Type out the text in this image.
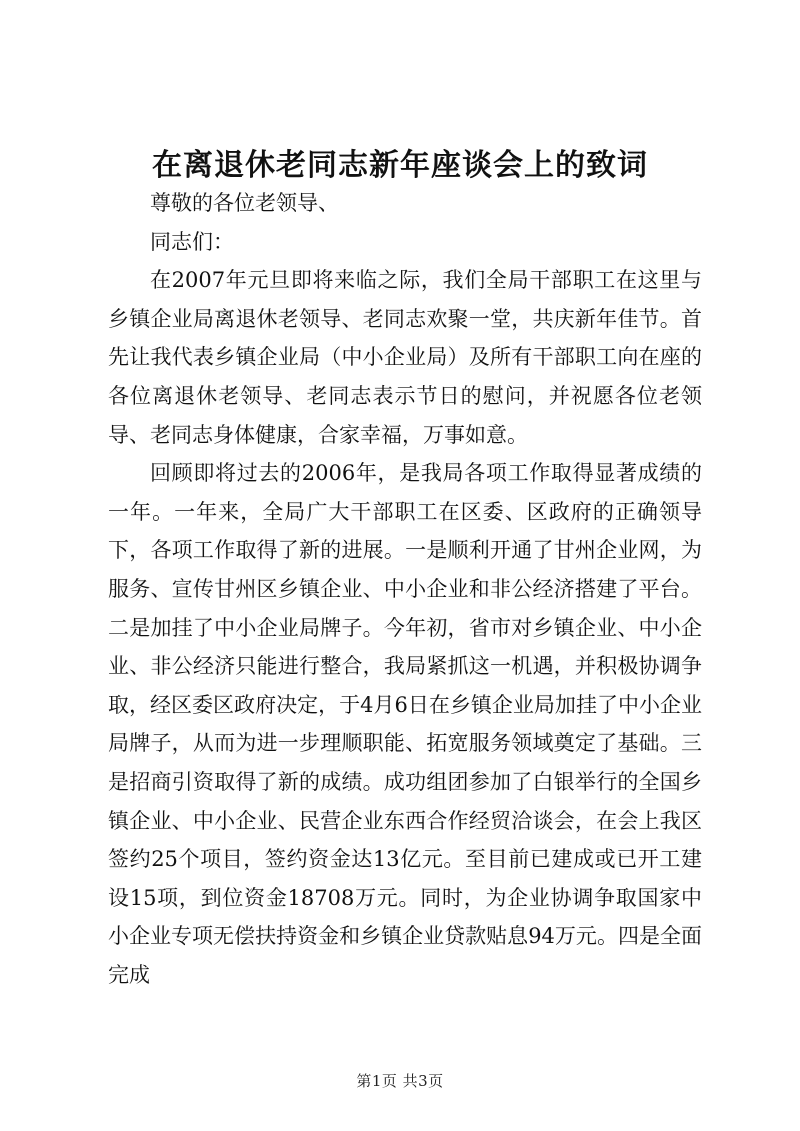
在离退休老同志新年座谈会上的致词

尊敬的各位老领导、

同志们：

在2007年元旦即将来临之际，我们全局干部职工在这里与乡镇企业局离退休老领导、老同志欢聚一堂，共庆新年佳节。首先让我代表乡镇企业局（中小企业局）及所有干部职工向在座的各位离退休老领导、老同志表示节日的慰问，并祝愿各位老领导、老同志身体健康，合家幸福，万事如意。

回顾即将过去的2006年，是我局各项工作取得显著成绩的一年。一年来，全局广大干部职工在区委、区政府的正确领导下，各项工作取得了新的进展。一是顺利开通了甘州企业网，为服务、宣传甘州区乡镇企业、中小企业和非公经济搭建了平台。二是加挂了中小企业局牌子。今年初，省市对乡镇企业、中小企业、非公经济只能进行整合，我局紧抓这一机遇，并积极协调争取，经区委区政府决定，于4月6日在乡镇企业局加挂了中小企业局牌子，从而为进一步理顺职能、拓宽服务领域奠定了基础。三是招商引资取得了新的成绩。成功组团参加了白银举行的全国乡镇企业、中小企业、民营企业东西合作经贸洽谈会，在会上我区签约25个项目，签约资金达13亿元。至目前已建成或已开工建设15项，到位资金18708万元。同时，为企业协调争取国家中小企业专项无偿扶持资金和乡镇企业贷款贴息94万元。四是全面完成

第1页 共3页
